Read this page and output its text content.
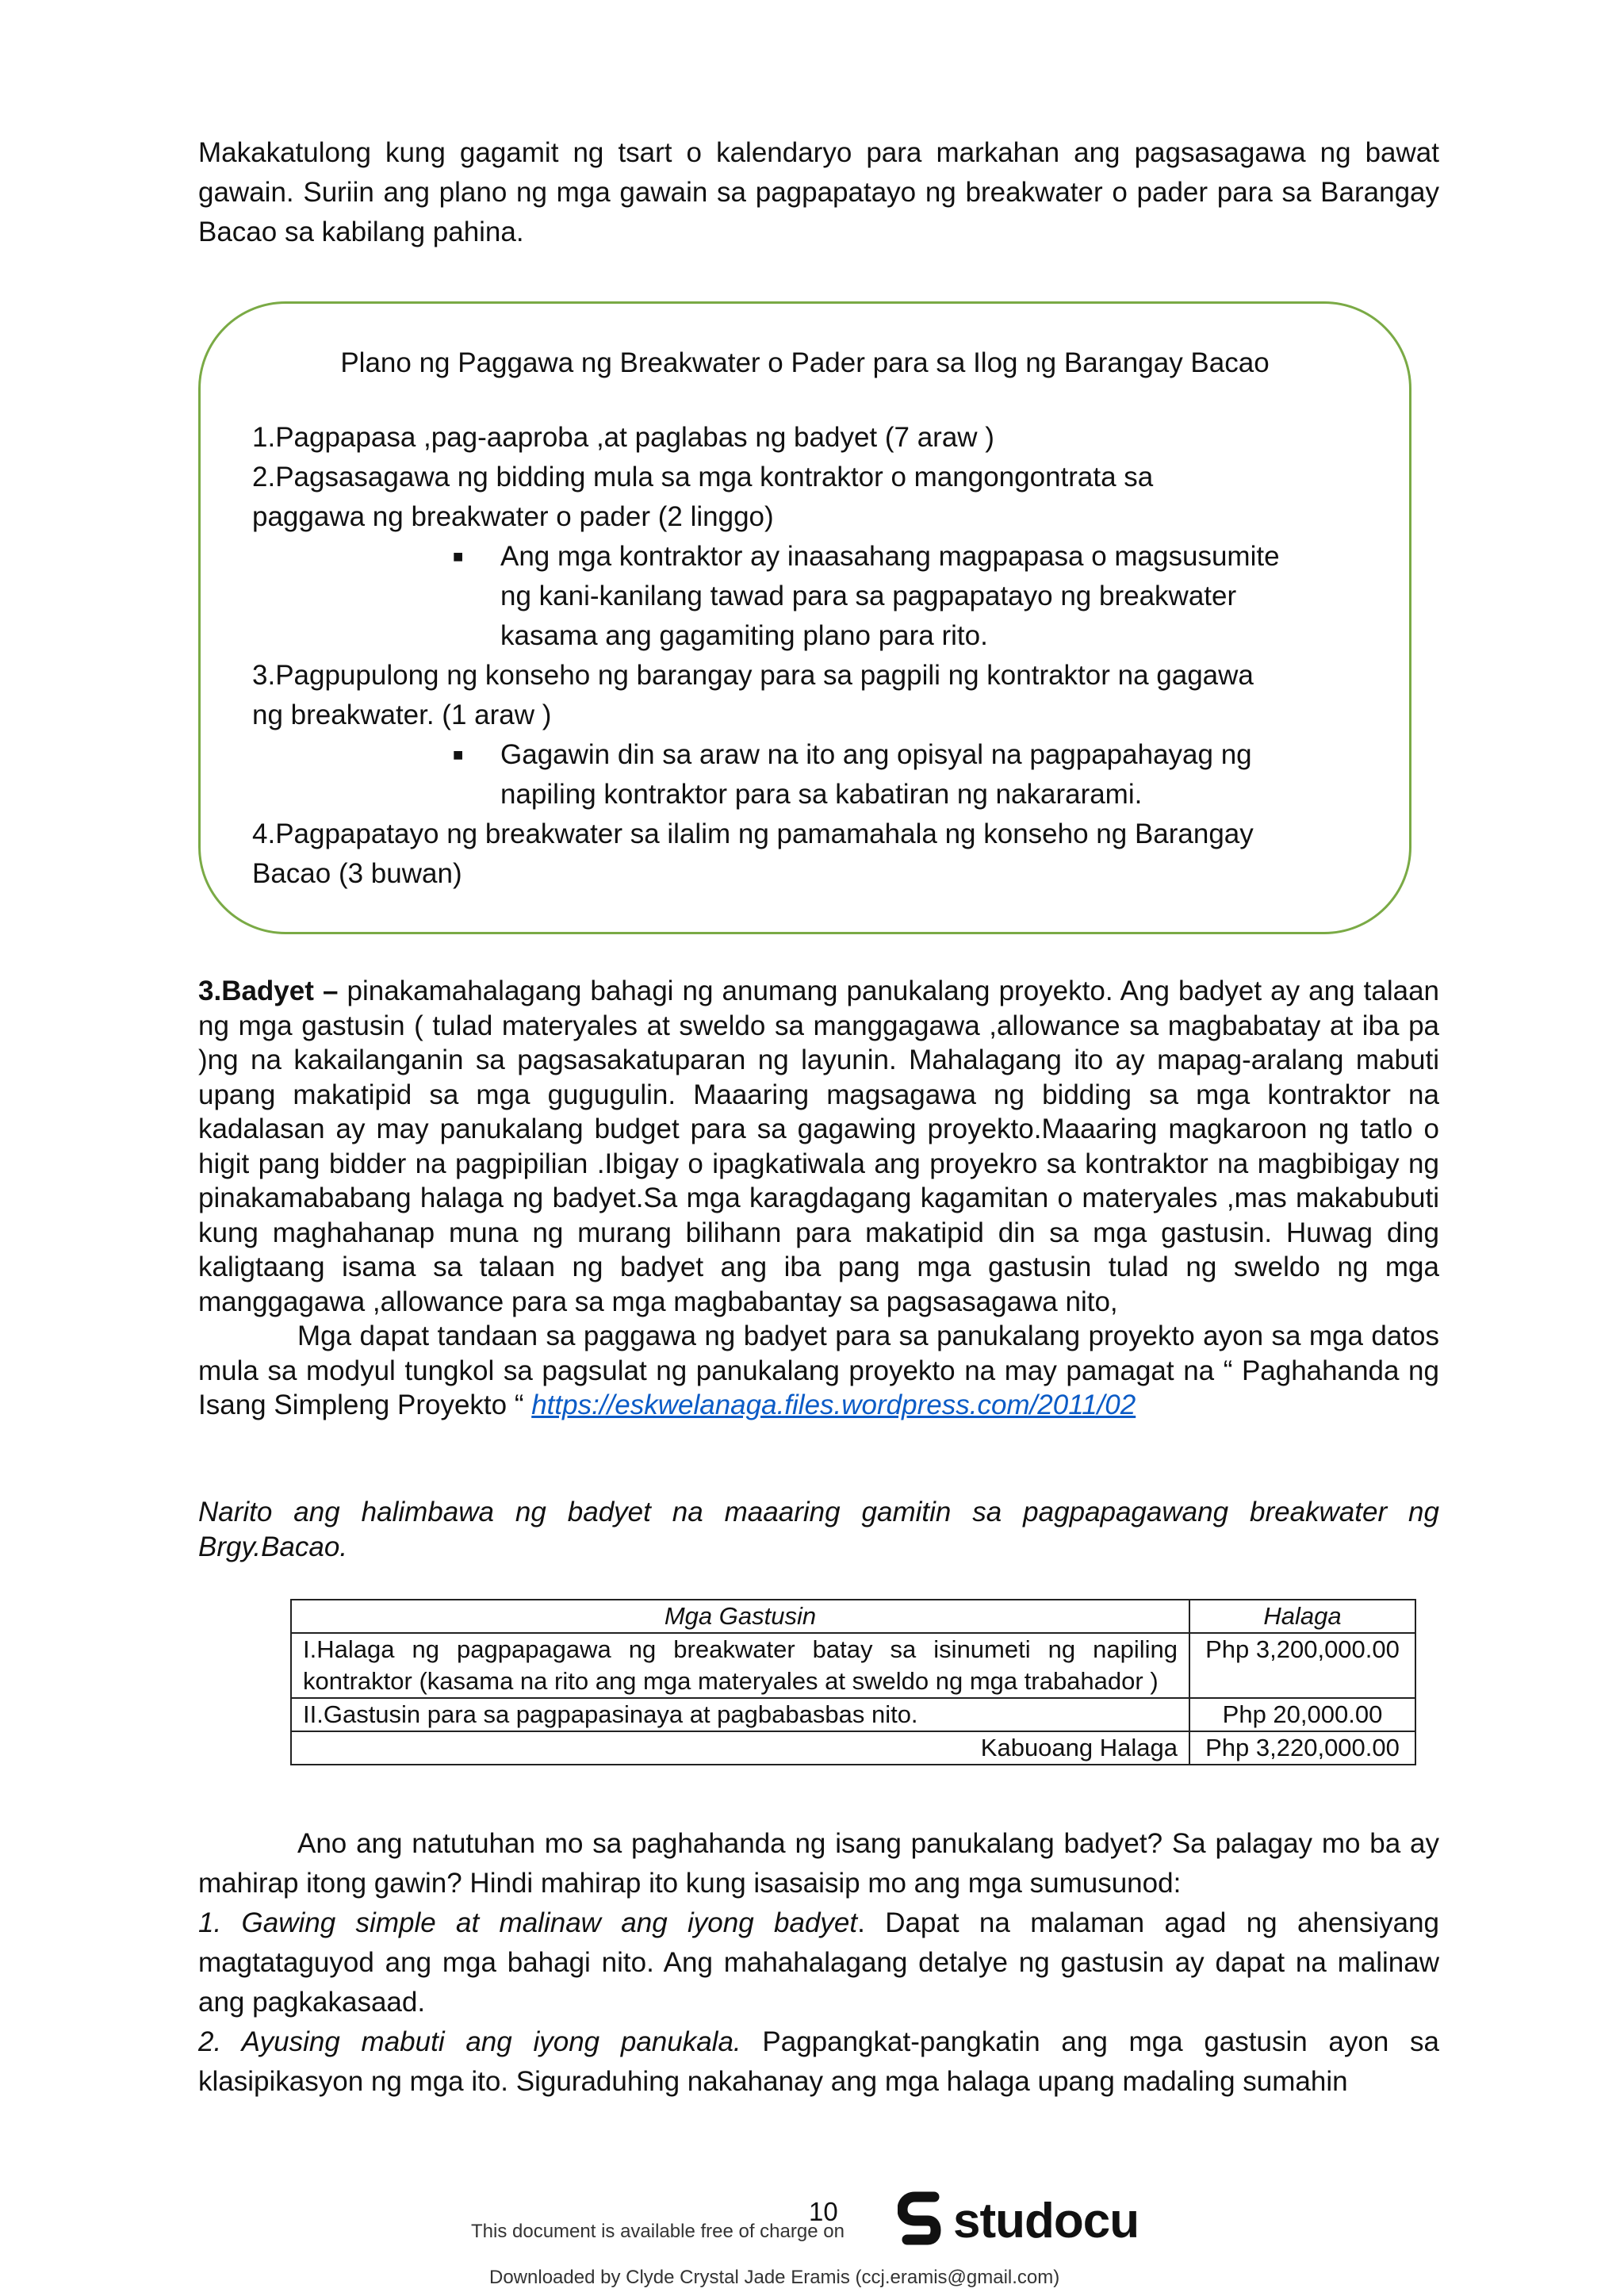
Makakatulong kung gagamit ng tsart o kalendaryo para markahan ang pagsasagawa ng bawat gawain. Suriin ang plano ng mga gawain sa pagpapatayo ng breakwater o pader para sa Barangay Bacao sa kabilang pahina.

Plano ng Paggawa ng Breakwater o Pader para sa Ilog ng Barangay Bacao
1.Pagpapasa ,pag-aaproba ,at paglabas ng badyet (7 araw )
2.Pagsasagawa ng bidding mula sa mga kontraktor o mangongontrata sa
paggawa ng breakwater o pader (2 linggo)
■ Ang mga kontraktor ay inaasahang magpapasa o magsusumite
ng kani-kanilang tawad para sa pagpapatayo ng breakwater
kasama ang gagamiting plano para rito.
3.Pagpupulong ng konseho ng barangay para sa pagpili ng kontraktor na gagawa
ng breakwater. (1 araw )
■ Gagawin din sa araw na ito ang opisyal na pagpapahayag ng
napiling kontraktor para sa kabatiran ng nakararami.
4.Pagpapatayo ng breakwater sa ilalim ng pamamahala ng konseho ng Barangay
Bacao (3 buwan)

3.Badyet – pinakamahalagang bahagi ng anumang panukalang proyekto. Ang badyet ay ang talaan ng mga gastusin ( tulad materyales at sweldo sa manggagawa ,allowance sa magbabatay at iba pa )ng na kakailanganin sa pagsasakatuparan ng layunin. Mahalagang ito ay mapag-aralang mabuti upang makatipid sa mga gugugulin. Maaaring magsagawa ng bidding sa mga kontraktor na kadalasan ay may panukalang budget para sa gagawing proyekto.Maaaring magkaroon ng tatlo o higit pang bidder na pagpipilian .Ibigay o ipagkatiwala ang proyekro sa kontraktor na magbibigay ng pinakamababang halaga ng badyet.Sa mga karagdagang kagamitan o materyales ,mas makabubuti kung maghahanap muna ng murang bilihann para makatipid din sa mga gastusin. Huwag ding kaligtaang isama sa talaan ng badyet ang iba pang mga gastusin tulad ng sweldo ng mga manggagawa ,allowance para sa mga magbabantay sa pagsasagawa nito,
Mga dapat tandaan sa paggawa ng badyet para sa panukalang proyekto ayon sa mga datos mula sa modyul tungkol sa pagsulat ng panukalang proyekto na may pamagat na “ Paghahanda ng Isang Simpleng Proyekto “ https://eskwelanaga.files.wordpress.com/2011/02

Narito ang halimbawa ng badyet na maaaring gamitin sa pagpapagawang breakwater ng Brgy.Bacao.

Mga Gastusin	Halaga
I.Halaga ng pagpapagawa ng breakwater batay sa isinumeti ng napiling kontraktor (kasama na rito ang mga materyales at sweldo ng mga trabahador )	Php 3,200,000.00
II.Gastusin para sa pagpapasinaya at pagbabasbas nito.	Php 20,000.00
Kabuoang Halaga	Php 3,220,000.00

Ano ang natutuhan mo sa paghahanda ng isang panukalang badyet? Sa palagay mo ba ay mahirap itong gawin? Hindi mahirap ito kung isasaisip mo ang mga sumusunod:
1. Gawing simple at malinaw ang iyong badyet. Dapat na malaman agad ng ahensiyang magtataguyod ang mga bahagi nito. Ang mahahalagang detalye ng gastusin ay dapat na malinaw ang pagkakasaad.
2. Ayusing mabuti ang iyong panukala. Pagpangkat-pangkatin ang mga gastusin ayon sa klasipikasyon ng mga ito. Siguraduhing nakahanay ang mga halaga upang madaling sumahin

10
This document is available free of charge on studocu
Downloaded by Clyde Crystal Jade Eramis (ccj.eramis@gmail.com)
